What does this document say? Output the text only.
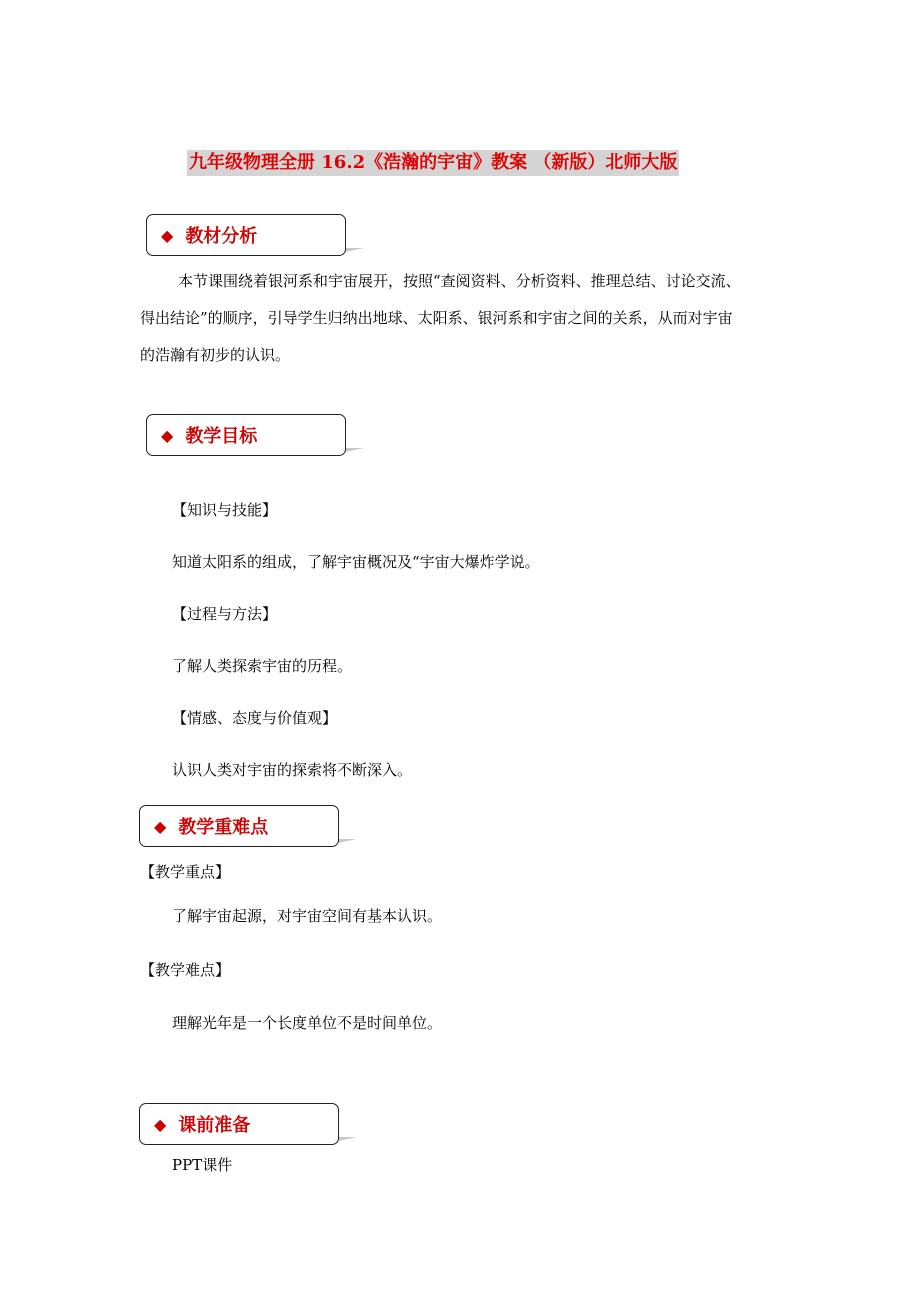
九年级物理全册 16.2《浩瀚的宇宙》教案 （新版）北师大版
◆ 教材分析
本节课围绕着银河系和宇宙展开，按照“查阅资料、分析资料、推理总结、讨论交流、
得出结论”的顺序，引导学生归纳出地球、太阳系、银河系和宇宙之间的关系，从而对宇宙
的浩瀚有初步的认识。
◆ 教学目标
【知识与技能】
知道太阳系的组成，了解宇宙概况及“宇宙大爆炸学说。
【过程与方法】
了解人类探索宇宙的历程。
【情感、态度与价值观】
认识人类对宇宙的探索将不断深入。
◆ 教学重难点
【教学重点】
了解宇宙起源，对宇宙空间有基本认识。
【教学难点】
理解光年是一个长度单位不是时间单位。
◆ 课前准备
PPT课件
